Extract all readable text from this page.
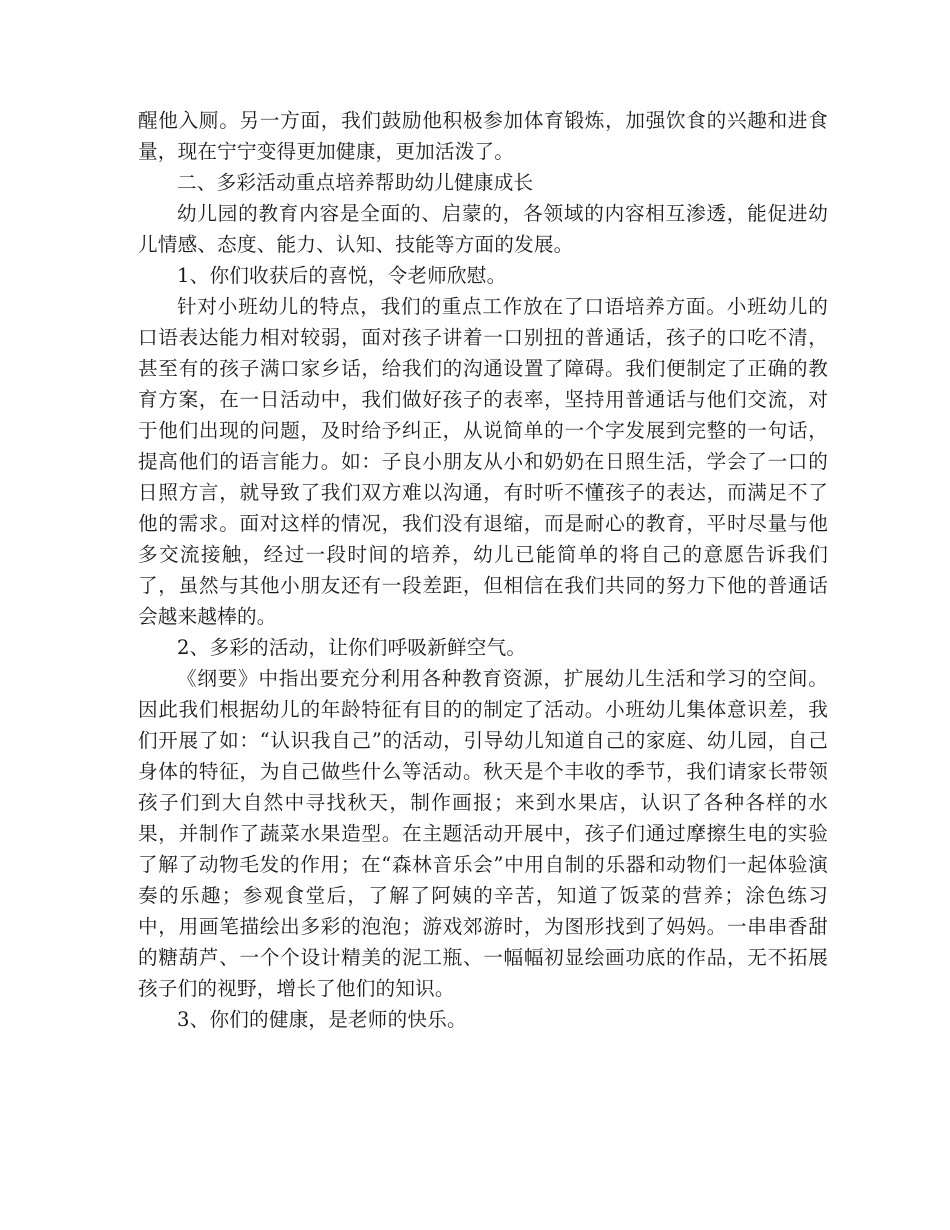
醒他入厕。另一方面，我们鼓励他积极参加体育锻炼，加强饮食的兴趣和进食量，现在宁宁变得更加健康，更加活泼了。

二、多彩活动重点培养帮助幼儿健康成长

幼儿园的教育内容是全面的、启蒙的，各领域的内容相互渗透，能促进幼儿情感、态度、能力、认知、技能等方面的发展。

1、你们收获后的喜悦，令老师欣慰。

针对小班幼儿的特点，我们的重点工作放在了口语培养方面。小班幼儿的口语表达能力相对较弱，面对孩子讲着一口别扭的普通话，孩子的口吃不清，甚至有的孩子满口家乡话，给我们的沟通设置了障碍。我们便制定了正确的教育方案，在一日活动中，我们做好孩子的表率，坚持用普通话与他们交流，对于他们出现的问题，及时给予纠正，从说简单的一个字发展到完整的一句话，提高他们的语言能力。如：子良小朋友从小和奶奶在日照生活，学会了一口的日照方言，就导致了我们双方难以沟通，有时听不懂孩子的表达，而满足不了他的需求。面对这样的情况，我们没有退缩，而是耐心的教育，平时尽量与他多交流接触，经过一段时间的培养，幼儿已能简单的将自己的意愿告诉我们了，虽然与其他小朋友还有一段差距，但相信在我们共同的努力下他的普通话会越来越棒的。

2、多彩的活动，让你们呼吸新鲜空气。

《纲要》中指出要充分利用各种教育资源，扩展幼儿生活和学习的空间。因此我们根据幼儿的年龄特征有目的的制定了活动。小班幼儿集体意识差，我们开展了如：“认识我自己”的活动，引导幼儿知道自己的家庭、幼儿园，自己身体的特征，为自己做些什么等活动。秋天是个丰收的季节，我们请家长带领孩子们到大自然中寻找秋天，制作画报；来到水果店，认识了各种各样的水果，并制作了蔬菜水果造型。在主题活动开展中，孩子们通过摩擦生电的实验了解了动物毛发的作用；在“森林音乐会”中用自制的乐器和动物们一起体验演奏的乐趣；参观食堂后，了解了阿姨的辛苦，知道了饭菜的营养；涂色练习中，用画笔描绘出多彩的泡泡；游戏郊游时，为图形找到了妈妈。一串串香甜的糖葫芦、一个个设计精美的泥工瓶、一幅幅初显绘画功底的作品，无不拓展孩子们的视野，增长了他们的知识。

3、你们的健康，是老师的快乐。
